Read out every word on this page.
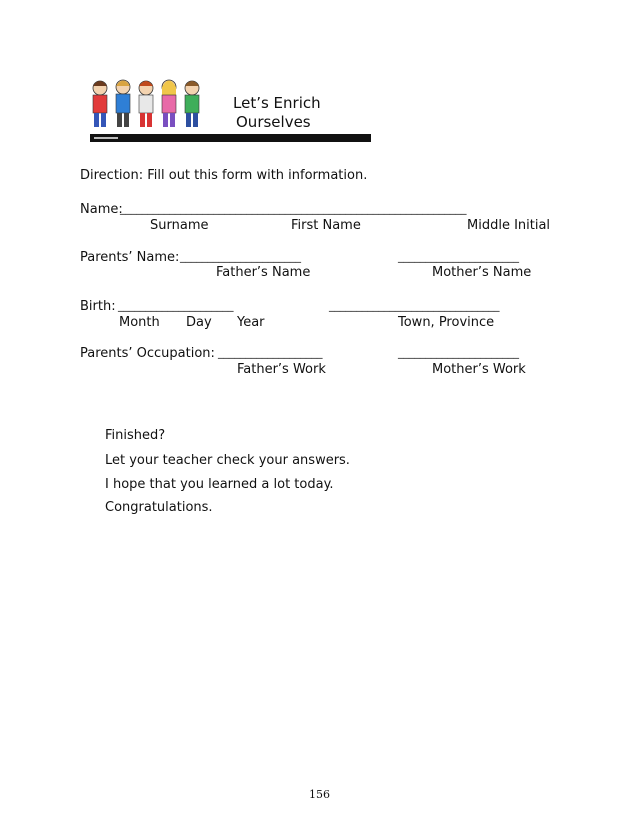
Let’s Enrich
Ourselves
Direction: Fill out this form with information.
Name:
_______________________________________________________________
Surname	First Name	Middle Initial
Parents’ Name: ______________________	______________________
Father’s Name	Mother’s Name
Birth: _____________________	_______________________________
Month Day Year	Town, Province
Parents’ Occupation: ___________________	______________________
Father’s Work	Mother’s Work
Finished?
Let your teacher check your answers.
I hope that you learned a lot today.
Congratulations.
156
